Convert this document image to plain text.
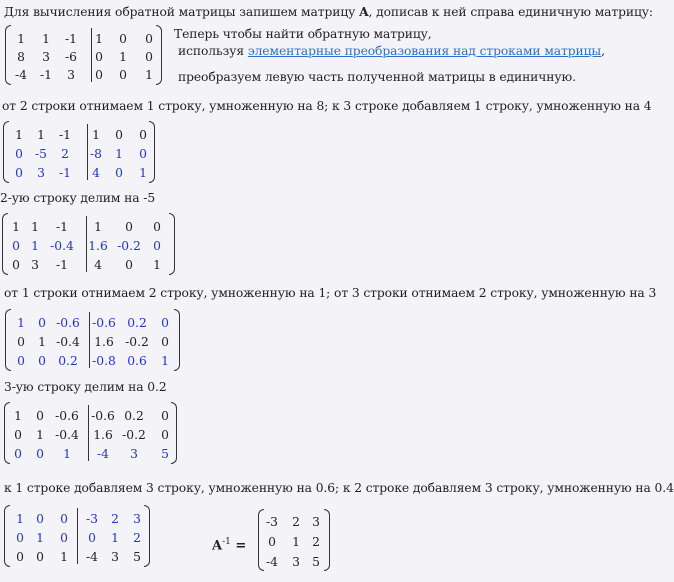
Для вычисления обратной матрицы запишем матрицу A, дописав к ней справа единичную матрицу:
Теперь чтобы найти обратную матрицу,
используя элементарные преобразования над строками матрицы,
преобразуем левую часть полученной матрицы в единичную.
от 2 строки отнимаем 1 строку, умноженную на 8; к 3 строке добавляем 1 строку, умноженную на 4
2-ую строку делим на -5
от 1 строки отнимаем 2 строку, умноженную на 1; от 3 строки отнимаем 2 строку, умноженную на 3
3-ую строку делим на 0.2
к 1 строке добавляем 3 строку, умноженную на 0.6; к 2 строке добавляем 3 строку, умноженную на 0.4
1	1	-1	1	0	0
8	3	-6	0	1	0
-4	-1	3	0	0	1
1	1	-1	1	0	0
0 -5	2	-8	1	0
0	3	-1	4	0	1
1 1	-1	1	0	0
0 1 -0.4	1.6 -0.2 0
0 3	-1	4	0	1
1	0 -0.6 -0.6 0.2	0
0	1 -0.4	1.6 -0.2 0
0	0	0.2	-0.8 0.6	1
1	0 -0.6 -0.6 0.2	0
0	1 -0.4	1.6 -0.2	0
0	0	1	-4	3	5
1 0	0	-3	2	3
0 1	0	0	1	2
0 0	1	-4	3	5
$A^{-1}$ =
-3	2 3
0	1 2
-4	3 5
